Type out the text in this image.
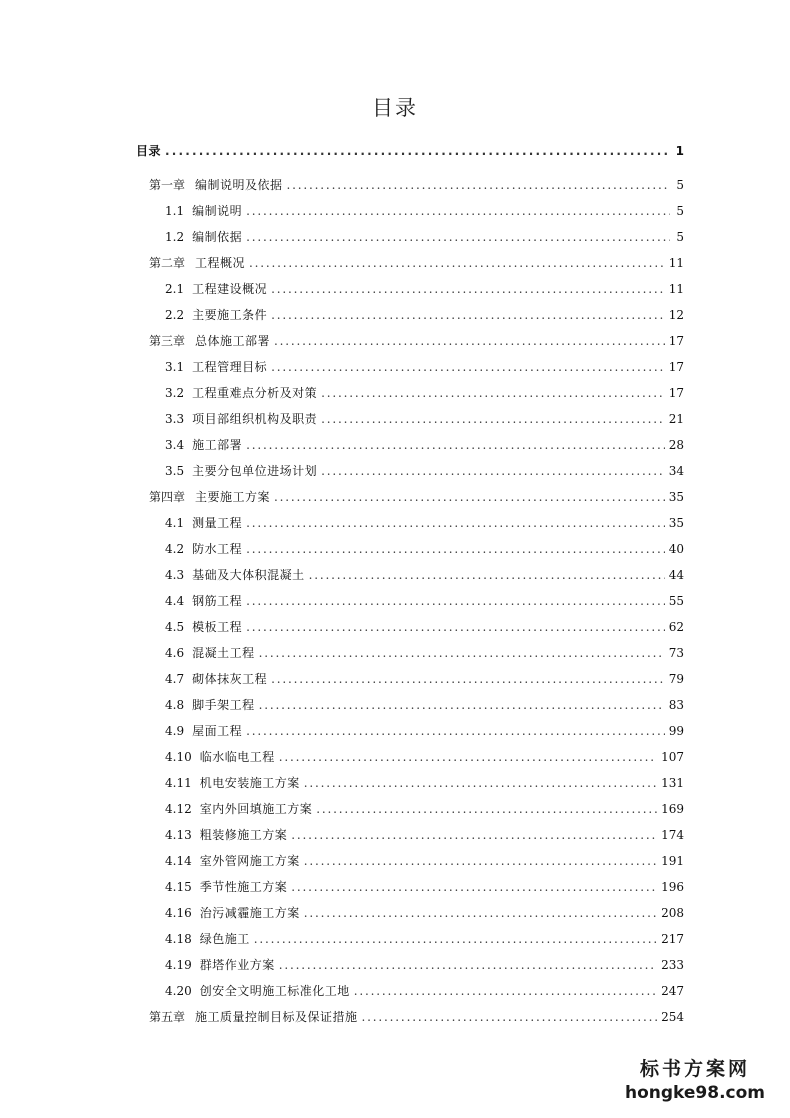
目录
目录 . . .	1
第一章 编制说明及依据 . . .	5
1.1 编制说明 . . .	5
1.2 编制依据 . . .	5
第二章 工程概况 . . .	11
2.1 工程建设概况 . . .	11
2.2 主要施工条件 . . .	12
第三章 总体施工部署 . . .	17
3.1 工程管理目标 . . .	17
3.2 工程重难点分析及对策 . . .	17
3.3 项目部组织机构及职责 . . .	21
3.4 施工部署 . . .	28
3.5 主要分包单位进场计划 . . .	34
第四章 主要施工方案 . . .	35
4.1 测量工程 . . .	35
4.2 防水工程 . . .	40
4.3 基础及大体积混凝土 . . .	44
4.4 钢筋工程 . . .	55
4.5 模板工程 . . .	62
4.6 混凝土工程 . . .	73
4.7 砌体抹灰工程 . . .	79
4.8 脚手架工程 . . .	83
4.9 屋面工程 . . .	99
4.10 临水临电工程 . . .	107
4.11 机电安装施工方案 . . .	131
4.12 室内外回填施工方案 . . .	169
4.13 粗装修施工方案 . . .	174
4.14 室外管网施工方案 . . .	191
4.15 季节性施工方案 . . .	196
4.16 治污减霾施工方案 . . .	208
4.18 绿色施工 . . .	217
4.19 群塔作业方案 . . .	233
4.20 创安全文明施工标准化工地 . . .	247
第五章 施工质量控制目标及保证措施 . . .	254
标书方案网
hongke98.com
